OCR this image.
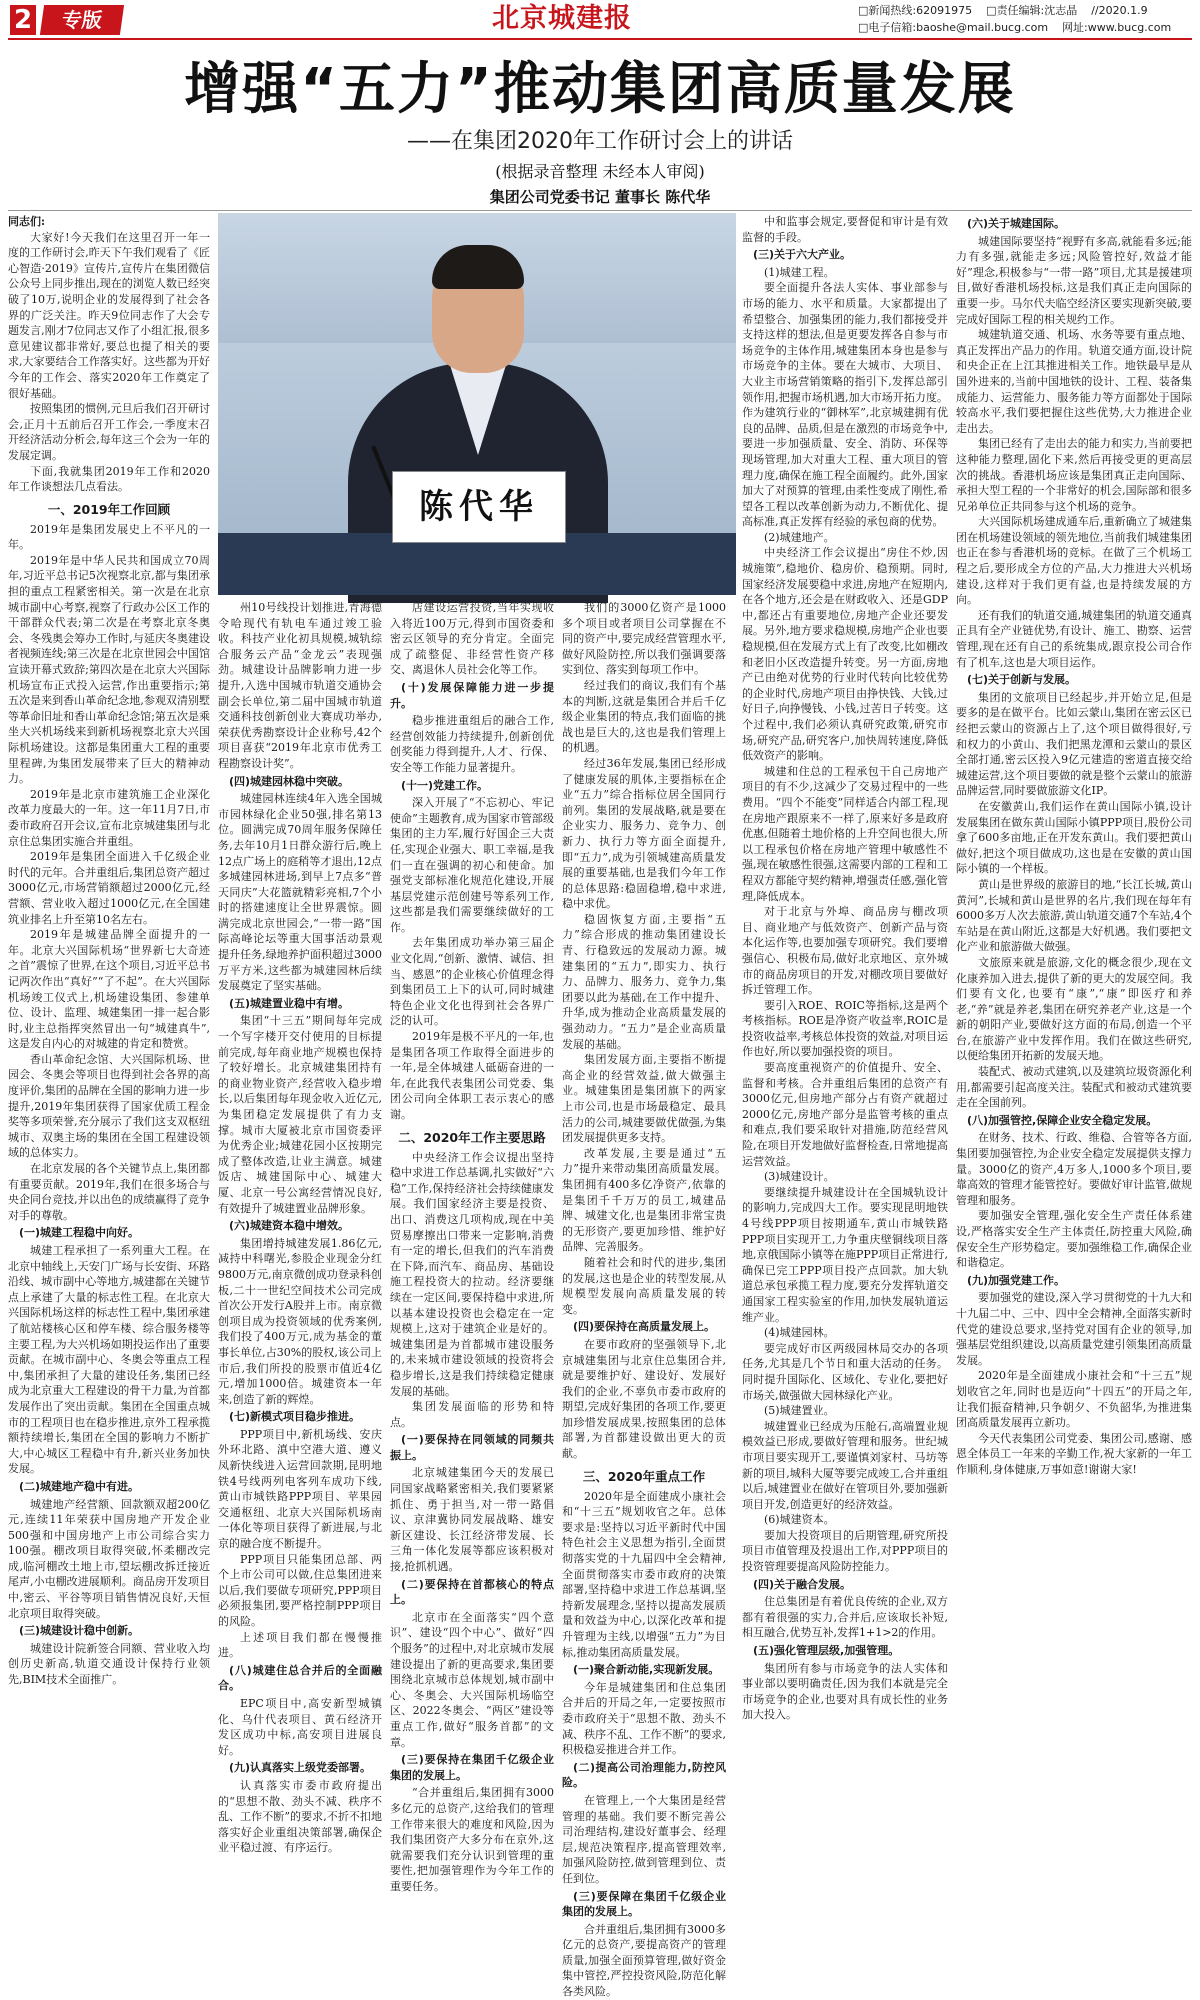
2	专版	北京城建报	□新闻热线:62091975 □责任编辑:沈志晶 //2020.1.9
□电子信箱:baoshe@mail.bucg.com 网址:www.bucg.com
增强“五力”推动集团高质量发展
——在集团2020年工作研讨会上的讲话
(根据录音整理 未经本人审阅)
集团公司党委书记 董事长 陈代华
陈代华

同志们:

大家好!今天我们在这里召开一年一度的工作研讨会,昨天下午我们观看了《匠心智造·2019》宣传片,宣传片在集团微信公众号上同步推出,现在的浏览人数已经突破了10万,说明企业的发展得到了社会各界的广泛关注。昨天9位同志作了大会专题发言,刚才7位同志又作了小组汇报,很多意见建议都非常好,要总也提了相关的要求,大家要结合工作落实好。这些都为开好今年的工作会、落实2020年工作奠定了很好基础。

按照集团的惯例,元旦后我们召开研讨会,正月十五前后召开工作会,一季度末召开经济活动分析会,每年这三个会为一年的发展定调。

下面,我就集团2019年工作和2020年工作谈想法几点看法。

一、2019年工作回顾

2019年是集团发展史上不平凡的一年。

2019年是中华人民共和国成立70周年,习近平总书记5次视察北京,都与集团承担的重点工程紧密相关。第一次是在北京城市副中心考察,视察了行政办公区工作的干部群众代表;第二次是在考察北京冬奥会、冬残奥会筹办工作时,与延庆冬奥建设者视频连线;第三次是在北京世园会中国馆宣读开幕式致辞;第四次是在北京大兴国际机场宣布正式投入运营,作出重要指示;第五次是来到香山革命纪念地,参观双清别墅等革命旧址和香山革命纪念馆;第五次是乘坐大兴机场线来到新机场视察北京大兴国际机场建设。这都是集团重大工程的重要里程碑,为集团发展带来了巨大的精神动力。

2019年是北京市建筑施工企业深化改革力度最大的一年。这一年11月7日,市委市政府召开会议,宣布北京城建集团与北京住总集团实施合并重组。

2019年是集团全面进入千亿级企业时代的元年。合并重组后,集团总资产超过3000亿元,市场营销额超过2000亿元,经营额、营业收入超过1000亿元,在全国建筑业排名上升至第10名左右。

2019年是城建品牌全面提升的一年。北京大兴国际机场“世界新七大奇迹之首”震惊了世界,在这个项目,习近平总书记两次作出“真好”“了不起”。在大兴国际机场竣工仪式上,机场建设集团、参建单位、设计、监理、城建集团一排一起合影时,业主总指挥突然冒出一句“城建真牛”,这是发自内心的对城建的肯定和赞赏。

香山革命纪念馆、大兴国际机场、世园会、冬奥会等项目也得到社会各界的高度评价,集团的品牌在全国的影响力进一步提升,2019年集团获得了国家优质工程金奖等多项荣誉,充分展示了我们这支双枢纽城市、双奥主场的集团在全国工程建设领域的总体实力。

在北京发展的各个关键节点上,集团都有重要贡献。2019年,我们在很多场合与央企同台竞技,并以出色的成绩赢得了竞争对手的尊敬。

(一)城建工程稳中向好。

城建工程承担了一系列重大工程。在北京中轴线上,天安门广场与长安街、环路沿线、城市副中心等地方,城建都在关键节点上承建了大量的标志性工程。在北京大兴国际机场这样的标志性工程中,集团承建了航站楼核心区和停车楼、综合服务楼等主要工程,为大兴机场如期投运作出了重要贡献。在城市副中心、冬奥会等重点工程中,集团承担了大量的建设任务,集团已经成为北京重大工程建设的骨干力量,为首都发展作出了突出贡献。集团在全国重点城市的工程项目也在稳步推进,京外工程承揽额持续增长,集团在全国的影响力不断扩大,中心城区工程稳中有升,新兴业务加快发展。

(二)城建地产稳中有进。

城建地产经营额、回款额双超200亿元,连续11年荣获中国房地产开发企业500强和中国房地产上市公司综合实力100强。棚改项目取得突破,怀柔棚改完成,临河棚改土地上市,望坛棚改拆迁接近尾声,小屯棚改进展顺利。商品房开发项目中,密云、平谷等项目销售情况良好,天恒北京项目取得突破。

(三)城建设计稳中创新。

城建设计院新签合同额、营业收入均创历史新高,轨道交通设计保持行业领先,BIM技术全面推广。

州10号线投计划推进,青海德令哈现代有轨电车通过竣工验收。科技产业化初具规模,城轨综合服务云产品“金龙云”表现强劲。城建设计品牌影响力进一步提升,入选中国城市轨道交通协会副会长单位,第二届中国城市轨道交通科技创新创业大赛成功举办,荣获优秀勘察设计企业称号,42个项目喜获“2019年北京市优秀工程勘察设计奖”。

(四)城建园林稳中突破。

城建园林连续4年入选全国城市园林绿化企业50强,排名第13位。圆满完成70周年服务保障任务,去年10月1日群众游行后,晚上12点广场上的庭稍等才退出,12点多城建园林进场,到早上7点多“普天同庆”大花篮就精彩亮相,7个小时的搭建速度让全世界震惊。圆满完成北京世园会,“一带一路”国际高峰论坛等重大国事活动景观提升任务,绿地养护面积超过3000万平方米,这些都为城建园林后续发展奠定了坚实基础。

(五)城建置业稳中有增。

集团“十三五”期间每年完成一个写字楼开交付使用的目标提前完成,每年商业地产规模也保持了较好增长。北京城建集团持有的商业物业资产,经营收入稳步增长,以后集团每年现金收入近亿元,为集团稳定发展提供了有力支撑。城市大厦被北京市国资委评为优秀企业;城建花园小区按期完成了整体改造,让业主满意。城建饭店、城建国际中心、城建大厦、北京一号公寓经营情况良好,有效提升了城建置业品牌形象。

(六)城建资本稳中增效。

集团增持城建发展1.86亿元,减持中科曙光,参股企业现金分红9800万元,南京微创成功登录科创板,二十一世纪空间技术公司完成首次公开发行A股并上市。南京微创项目成为投资领域的优秀案例,我们投了400万元,成为基金的董事长单位,占30%的股权,该公司上市后,我们所投的股票市值近4亿元,增加1000倍。城建资本一年来,创造了新的辉煌。

(七)新模式项目稳步推进。

PPP项目中,新机场线、安庆外环北路、滇中空港大道、遵义凤新快线进入运营回款期,昆明地铁4号线两列电客列车成功下线,黄山市城铁路PPP项目、苹果园交通枢纽、北京大兴国际机场南一体化等项目获得了新进展,与北京的融合度不断提升。

PPP项目只能集团总部、两个上市公司可以做,住总集团进来以后,我们要做专项研究,PPP项目必须报集团,要严格控制PPP项目的风险。

上述项目我们都在慢慢推进。

(八)城建住总合并后的全面融合。

EPC项目中,高安新型城镇化、乌什代表项目、黄石经济开发区成功中标,高安项目进展良好。

(九)认真落实上级党委部署。

认真落实市委市政府提出的“思想不散、劲头不减、秩序不乱、工作不断”的要求,不折不扣地落实好企业重组决策部署,确保企业平稳过渡、有序运行。

店建设运营投资,当年实现收入将近100万元,得到市国资委和密云区领导的充分肯定。全面完成了疏整促、非经营性资产移交、离退休人员社会化等工作。

(十)发展保障能力进一步提升。

稳步推进重组后的融合工作,经营创效能力持续提升,创新创优创奖能力得到提升,人才、行保、安全等工作能力显著提升。

(十一)党建工作。

深入开展了“不忘初心、牢记使命”主题教育,成为国家市管部级集团的主力军,履行好国企三大责任,实现企业强大、职工幸福,是我们一直在强调的初心和使命。加强党支部标准化规范化建设,开展基层党建示范创建号等系列工作,这些都是我们需要继续做好的工作。

去年集团成功举办第三届企业文化周,“创新、激情、诚信、担当、感恩”的企业核心价值理念得到集团员工上下的认可,同时城建特色企业文化也得到社会各界广泛的认可。

2019年是极不平凡的一年,也是集团各项工作取得全面进步的一年,是全体城建人砥砺奋进的一年,在此我代表集团公司党委、集团公司向全体职工表示衷心的感谢。

二、2020年工作主要思路

中央经济工作会议提出坚持稳中求进工作总基调,扎实做好“六稳”工作,保持经济社会持续健康发展。我们国家经济主要是投资、出口、消费这几项构成,现在中美贸易摩擦出口带来一定影响,消费有一定的增长,但我们的汽车消费在下降,而汽车、商品房、基础设施工程投资大的拉动。经济要继续在一定区间,要保持稳中求进,所以基本建设投资也会稳定在一定规模上,这对于建筑企业是好的。城建集团是为首都城市建设服务的,未来城市建设领域的投资将会稳步增长,这是我们持续稳定健康发展的基础。

集团发展面临的形势和特点。

(一)要保持在同领域的同频共振上。

北京城建集团今天的发展已同国家战略紧密相关,我们要紧紧抓住、勇于担当,对一带一路倡议、京津冀协同发展战略、雄安新区建设、长江经济带发展、长三角一体化发展等都应该积极对接,抢抓机遇。

(二)要保持在首都核心的特点上。

北京市在全面落实“四个意识”、建设“四个中心”、做好“四个服务”的过程中,对北京城市发展建设提出了新的更高要求,集团要围绕北京城市总体规划,城市副中心、冬奥会、大兴国际机场临空区、2022冬奥会、“两区”建设等重点工作,做好“服务首都”的文章。

(三)要保持在集团千亿级企业集团的发展上。

“合并重组后,集团拥有3000多亿元的总资产,这给我们的管理工作带来很大的难度和风险,因为我们集团资产大多分布在京外,这就需要我们充分认识到管理的重要性,把加强管理作为今年工作的重要任务。

我们的3000亿资产是1000多个项目或者项目公司掌握在不同的资产中,要完成经营管理水平,做好风险防控,所以我们强调要落实到位、落实到每项工作中。

经过我们的商议,我们有个基本的判断,这就是集团合并后千亿级企业集团的特点,我们面临的挑战也是巨大的,这也是我们管理上的机遇。

经过36年发展,集团已经形成了健康发展的肌体,主要指标在企业“五力”综合指标位居全国同行前列。集团的发展战略,就是要在企业实力、服务力、竞争力、创新力、执行力等方面全面提升,即“五力”,成为引领城建高质量发展的重要基础,也是我们今年工作的总体思路:稳固稳增,稳中求进,稳中求优。

稳固恢复方面,主要指“五力”综合形成的推动集团建设长青、行稳致远的发展动力源。城建集团的“五力”,即实力、执行力、品牌力、服务力、竞争力,集团要以此为基础,在工作中提升、升华,成为推动企业高质量发展的强劲动力。“五力”是企业高质量发展的基础。

集团发展方面,主要指不断提高企业的经营效益,做大做强主业。城建集团是集团旗下的两家上市公司,也是市场最稳定、最具活力的公司,城建要做优做强,为集团发展提供更多支持。

改革发展,主要是通过“五力”提升来带动集团高质量发展。集团拥有400多亿净资产,依靠的是集团千千万万的员工,城建品牌、城建文化,也是集团非常宝贵的无形资产,要更加珍惜、维护好品牌、完善服务。

随着社会和时代的进步,集团的发展,这也是企业的转型发展,从规模型发展向高质量发展的转变。

(四)要保持在高质量发展上。

在要市政府的坚强领导下,北京城建集团与北京住总集团合并,就是要维护好、建设好、发展好我们的企业,不辜负市委市政府的期望,完成好集团的各项工作,要更加珍惜发展成果,按照集团的总体部署,为首都建设做出更大的贡献。

三、2020年重点工作

2020年是全面建成小康社会和“十三五”规划收官之年。总体要求是:坚持以习近平新时代中国特色社会主义思想为指引,全面贯彻落实党的十九届四中全会精神,全面贯彻落实市委市政府的决策部署,坚持稳中求进工作总基调,坚持新发展理念,坚持以提高发展质量和效益为中心,以深化改革和提升管理为主线,以增强“五力”为目标,推动集团高质量发展。

(一)聚合新动能,实现新发展。

今年是城建集团和住总集团合并后的开局之年,一定要按照市委市政府关于“思想不散、劲头不减、秩序不乱、工作不断”的要求,积极稳妥推进合并工作。

(二)提高公司治理能力,防控风险。

在管理上,一个大集团是经营管理的基础。我们要不断完善公司治理结构,建设好董事会、经理层,规范决策程序,提高管理效率,加强风险防控,做到管理到位、责任到位。

(三)要保障在集团千亿级企业集团的发展上。

合并重组后,集团拥有3000多亿元的总资产,要提高资产的管理质量,加强全面预算管理,做好资金集中管控,严控投资风险,防范化解各类风险。

中和监事会规定,要督促和审计是有效监督的手段。

(三)关于六大产业。

(1)城建工程。

要全面提升各法人实体、事业部参与市场的能力、水平和质量。大家都提出了希望整合、加强集团的能力,我们都接受并支持这样的想法,但是更要发挥各自参与市场竞争的主体作用,城建集团本身也是参与市场竞争的主体。要在大城市、大项目、大业主市场营销策略的指引下,发挥总部引领作用,把握市场机遇,加大市场开拓力度。作为建筑行业的“御林军”,北京城建拥有优良的品牌、品质,但是在激烈的市场竞争中,要进一步加强质量、安全、消防、环保等现场管理,加大对重大工程、重大项目的管理力度,确保在施工程全面履约。此外,国家加大了对预算的管理,由柔性变成了刚性,希望各工程以改革创新为动力,不断优化、提高标准,真正发挥有经验的承包商的优势。

(2)城建地产。

中央经济工作会议提出“房住不炒,因城施策”,稳地价、稳房价、稳预期。同时,国家经济发展要稳中求进,房地产在短期内,在各个地方,还会是在财政收入、还是GDP中,都还占有重要地位,房地产企业还要发展。另外,地方要求稳规模,房地产企业也要稳规模,但在发展方式上有了改变,比如棚改和老旧小区改造提升转变。另一方面,房地产已由绝对优势的行业时代转向比较优势的企业时代,房地产项目由挣快钱、大钱,过好日子,向挣慢钱、小钱,过苦日子转变。这个过程中,我们必须认真研究政策,研究市场,研究产品,研究客户,加快周转速度,降低低效资产的影响。

城建和住总的工程承包干自己房地产项目的有不少,这减少了交易过程中的一些费用。“四个不能变”同样适合内部工程,现在房地产跟原来不一样了,原来好多是政府优惠,但随着土地价格的上升空间也很大,所以工程承包价格在房地产管理中敏感性不强,现在敏感性很强,这需要内部的工程和工程双方都能守契约精神,增强责任感,强化管理,降低成本。

对于北京与外埠、商品房与棚改项目、商业地产与低效资产、创新产品与资本化运作等,也要加强专项研究。我们要增强信心、积极布局,做好北京地区、京外城市的商品房项目的开发,对棚改项目要做好拆迁管理工作。

要引入ROE、ROIC等指标,这是两个考核指标。ROE是净资产收益率,ROIC是投资收益率,考核总体投资的效益,对项目运作也好,所以要加强投资的项目。

要高度重视资产的价值提升、安全、监督和考核。合并重组后集团的总资产有3000亿元,但房地产部分占有资产就超过2000亿元,房地产部分是监管考核的重点和难点,我们要采取针对措施,防范经营风险,在项目开发地做好监督检查,日常地提高运营效益。

(3)城建设计。

要继续提升城建设计在全国城轨设计的影响力,完成四大工作。要实现昆明地铁4号线PPP项目按期通车,黄山市城铁路PPP项目实现开工,力争重庆壁铜线项目落地,京俄国际小镇等在施PPP项目正常进行,确保已完工PPP项目投产点回款。加大轨道总承包承揽工程力度,要充分发挥轨道交通国家工程实验室的作用,加快发展轨道运维产业。

(4)城建园林。

要完成好市区两级园林局交办的各项任务,尤其是几个节日和重大活动的任务。同时提升国际化、区域化、专业化,要把好市场关,做强做大园林绿化产业。

(5)城建置业。

城建置业已经成为压舱石,高端置业规模效益已形成,要做好管理和服务。世纪城市项目要实现开工,要谨慎刘家村、马坊等新的项目,城科大厦等要完成竣工,合并重组以后,城建置业在做好在管项目外,要加强新项目开发,创造更好的经济效益。

(6)城建资本。

要加大投资项目的后期管理,研究所投项目市值管理及投退出工作,对PPP项目的投资管理要提高风险防控能力。

(四)关于融合发展。

住总集团是有着优良传统的企业,双方都有着很强的实力,合并后,应该取长补短,相互融合,优势互补,发挥1+1>2的作用。

(五)强化管理层级,加强管理。

集团所有参与市场竞争的法人实体和事业部以要明确责任,因为我们本就是完全市场竞争的企业,也要对具有成长性的业务加大投入。

(六)关于城建国际。

城建国际要坚持“视野有多高,就能看多远;能力有多强,就能走多远;风险管控好,效益才能好”理念,积极参与“一带一路”项目,尤其是援建项目,做好香港机场投标,这是我们真正走向国际的重要一步。马尔代夫临空经济区要实现新突破,要完成好国际工程的相关规约工作。

城建轨道交通、机场、水务等要有重点地、真正发挥出产品力的作用。轨道交通方面,设计院和央企正在上江其推进相关工作。地铁最早是从国外进来的,当前中国地铁的设计、工程、装备集成能力、运营能力、服务能力等方面都处于国际较高水平,我们要把握住这些优势,大力推进企业走出去。

集团已经有了走出去的能力和实力,当前要把这种能力整理,固化下来,然后再接受更的更高层次的挑战。香港机场应该是集团真正走向国际、承担大型工程的一个非常好的机会,国际部和很多兄弟单位正共同参与这个机场的竞争。

大兴国际机场建成通车后,重新确立了城建集团在机场建设领域的领先地位,当前我们城建集团也正在参与香港机场的竞标。在做了三个机场工程之后,要形成全方位的产品,大力推进大兴机场建设,这样对于我们更有益,也是持续发展的方向。

还有我们的轨道交通,城建集团的轨道交通真正具有全产业链优势,有设计、施工、勘察、运营管理,现在还有自己的系统集成,跟京投公司合作有了机车,这也是大项目运作。

(七)关于创新与发展。

集团的文旅项目已经起步,并开始立足,但是要多的是在做平台。比如云蒙山,集团在密云区已经把云蒙山的资源占上了,这个项目做得很好,亏和权力的小黄山、我们把黑龙潭和云蒙山的景区全部打通,密云区投入9亿元建造的密道直接交给城建运营,这个项目要做的就是整个云蒙山的旅游品牌运营,同时要做旅游文化IP。

在安徽黄山,我们运作在黄山国际小镇,设计发展集团在做东黄山国际小镇PPP项目,股份公司拿了600多亩地,正在开发东黄山。我们要把黄山做好,把这个项目做成功,这也是在安徽的黄山国际小镇的一个样板。

黄山是世界级的旅游目的地,“长江长城,黄山黄河”,长城和黄山是世界的名片,我们现在每年有6000多万人次去旅游,黄山轨道交通7个车站,4个车站是在黄山附近,这都是大好机遇。我们要把文化产业和旅游做大做强。

文旅原来就是旅游,文化的概念很少,现在文化康养加入进去,提供了新的更大的发展空间。我们要有文化,也要有“康”,“康”即医疗和养老,“养”就是养老,集团在研究养老产业,这是一个新的朝阳产业,要做好这方面的布局,创造一个平台,在旅游产业中发挥作用。我们在做这些研究,以便给集团开拓新的发展天地。

装配式、被动式建筑,以及建筑垃圾资源化利用,都需要引起高度关注。装配式和被动式建筑要走在全国前列。

(八)加强管控,保障企业安全稳定发展。

在财务、技术、行政、维稳、合管等各方面,集团要加强管控,为企业安全稳定发展提供支撑力量。3000亿的资产,4万多人,1000多个项目,要靠高效的管理才能管控好。要做好审计监管,做规管理和服务。

要加强安全管理,强化安全生产责任体系建设,严格落实安全生产主体责任,防控重大风险,确保安全生产形势稳定。要加强维稳工作,确保企业和谐稳定。

(九)加强党建工作。

要加强党的建设,深入学习贯彻党的十九大和十九届二中、三中、四中全会精神,全面落实新时代党的建设总要求,坚持党对国有企业的领导,加强基层党组织建设,以高质量党建引领集团高质量发展。

2020年是全面建成小康社会和“十三五”规划收官之年,同时也是迈向“十四五”的开局之年,让我们振奋精神,只争朝夕、不负韶华,为推进集团高质量发展再立新功。

今天代表集团公司党委、集团公司,感谢、感恩全体员工一年来的辛勤工作,祝大家新的一年工作顺利,身体健康,万事如意!谢谢大家!
